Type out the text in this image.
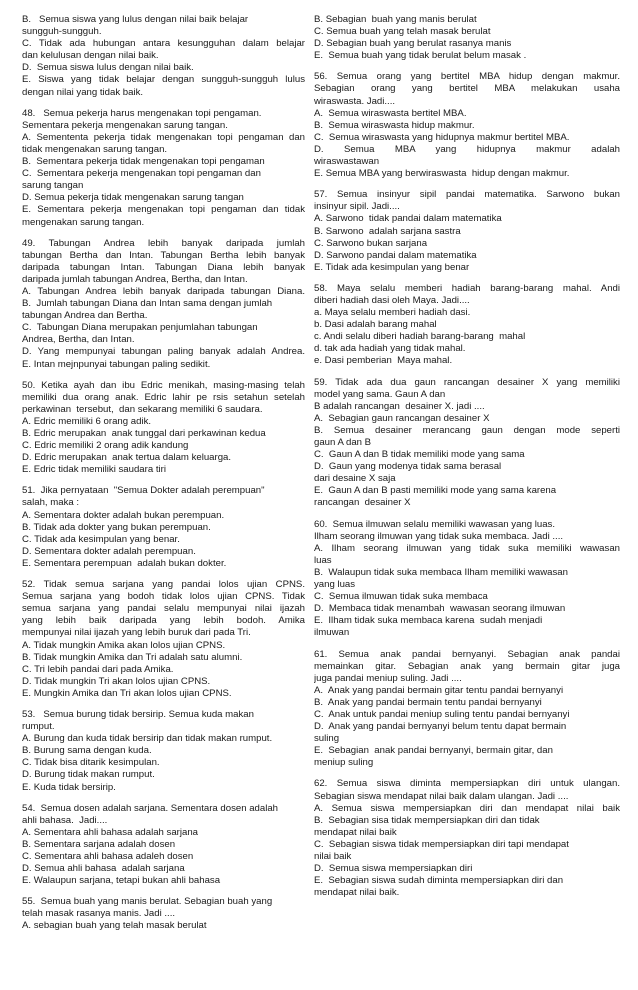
B.   Semua siswa yang lulus dengan nilai baik belajar
sungguh-sungguh.
C. Tidak ada hubungan antara kesungguhan dalam belajar
dan kelulusan dengan nilai baik.
D.  Semua siswa lulus dengan nilai baik.
E. Siswa yang tidak belajar dengan sungguh-sungguh lulus
dengan nilai yang tidak baik.
48.   Semua pekerja harus mengenakan topi pengaman.
Sementara pekerja mengenakan sarung tangan.
A. Semententa pekerja tidak mengenakan topi pengaman dan
tidak mengenakan sarung tangan.
B.  Sementara pekerja tidak mengenakan topi pengaman
C.  Sementara pekerja mengenakan topi pengaman dan
sarung tangan
D. Semua pekerja tidak mengenakan sarung tangan
E. Sementara pekerja mengenakan topi pengaman dan tidak
mengenakan sarung tangan.
49. Tabungan Andrea lebih banyak daripada jumlah
tabungan Bertha dan Intan. Tabungan Bertha lebih banyak
daripada tabungan Intan. Tabungan Diana lebih banyak
daripada jumlah tabungan Andrea, Bertha, dan Intan.
A. Tabungan Andrea lebih banyak daripada tabungan Diana.
B.  Jumlah tabungan Diana dan Intan sama dengan jumlah
tabungan Andrea dan Bertha.
C.  Tabungan Diana merupakan penjumlahan tabungan
Andrea, Bertha, dan Intan.
D. Yang mempunyai tabungan paling banyak adalah Andrea.
E. Intan mejnpunyai tabungan paling sedikit.
50. Ketika ayah dan ibu Edric menikah, masing-masing telah
memiliki dua orang anak. Edric lahir pe rsis setahun setelah
perkawinan  tersebut,  dan sekarang memiliki 6 saudara.
A. Edric memiliki 6 orang adik.
B. Edric merupakan  anak tunggal dari perkawinan kedua
C. Edric memiliki 2 orang adik kandung
D. Edric merupakan  anak tertua dalam keluarga.
E. Edric tidak memiliki saudara tiri
51.  Jika pernyataan  "Semua Dokter adalah perempuan"
salah, maka :
A. Sementara dokter adalah bukan perempuan.
B. Tidak ada dokter yang bukan perempuan.
C. Tidak ada kesimpulan yang benar.
D. Sementara dokter adalah perempuan.
E. Sementara perempuan  adalah bukan dokter.
52. Tidak semua sarjana yang pandai lolos ujian CPNS.
Semua sarjana yang bodoh tidak lolos ujian CPNS. Tidak
semua sarjana yang pandai selalu mempunyai nilai ijazah
yang lebih baik daripada yang lebih bodoh. Amika
mempunyai nilai ijazah yang lebih buruk dari pada Tri.
A. Tidak mungkin Amika akan lolos ujian CPNS.
B. Tidak mungkin Amika dan Tri adalah satu alumni.
C. Tri lebih pandai dari pada Amika.
D. Tidak mungkin Tri akan lolos ujian CPNS.
E. Mungkin Amika dan Tri akan lolos ujian CPNS.
53.   Semua burung tidak bersirip. Semua kuda makan
rumput.
A. Burung dan kuda tidak bersirip dan tidak makan rumput.
B. Burung sama dengan kuda.
C. Tidak bisa ditarik kesimpulan.
D. Burung tidak makan rumput.
E. Kuda tidak bersirip.
54.  Semua dosen adalah sarjana. Sementara dosen adalah
ahli bahasa.  Jadi....
A. Sementara ahli bahasa adalah sarjana
B. Sementara sarjana adalah dosen
C. Sementara ahli bahasa adaleh dosen
D. Semua ahli bahasa  adalah sarjana
E. Walaupun sarjana, tetapi bukan ahli bahasa
55.  Semua buah yang manis berulat. Sebagian buah yang
telah masak rasanya manis. Jadi ....
A. sebagian buah yang telah masak berulat
B. Sebagian  buah yang manis berulat
C. Semua buah yang telah masak berulat
D. Sebagian buah yang berulat rasanya manis
E.  Semua buah yang tidak berulat belum masak .
56. Semua orang yang bertitel MBA hidup dengan makmur.
Sebagian orang yang bertitel MBA melakukan usaha
wiraswasta. Jadi....
A.  Semua wiraswasta bertitel MBA.
B.  Semua wiraswasta hidup makmur.
C.  Semua wiraswasta yang hidupnya makmur bertitel MBA.
D. Semua MBA yang hidupnya makmur adalah
wiraswastawan
E. Semua MBA yang berwiraswasta  hidup dengan makmur.
57. Semua insinyur sipil pandai matematika. Sarwono bukan
insinyur sipil. Jadi....
A. Sarwono  tidak pandai dalam matematika
B. Sarwono  adalah sarjana sastra
C. Sarwono bukan sarjana
D. Sarwono pandai dalam matematika
E. Tidak ada kesimpulan yang benar
58. Maya selalu memberi hadiah barang-barang mahal. Andi
diberi hadiah dasi oleh Maya. Jadi....
a. Maya selalu memberi hadiah dasi.
b. Dasi adalah barang mahal
c. Andi selalu diberi hadiah barang-barang  mahal
d. tak ada hadiah yang tidak mahal.
e. Dasi pemberian  Maya mahal.
59. Tidak ada dua gaun rancangan desainer X yang memiliki
model yang sama. Gaun A dan
B adalah rancangan  desainer X. jadi ....
A.  Sebagian gaun rancangan desainer X
B. Semua desainer merancang gaun dengan mode seperti
gaun A dan B
C.  Gaun A dan B tidak memiliki mode yang sama
D.  Gaun yang modenya tidak sama berasal
dari desaine X saja
E.  Gaun A dan B pasti memiliki mode yang sama karena
rancangan  desainer X
60.  Semua ilmuwan selalu memiliki wawasan yang luas.
Ilham seorang ilmuwan yang tidak suka membaca. Jadi ....
A. Ilham seorang ilmuwan yang tidak suka memiliki wawasan
luas
B.  Walaupun tidak suka membaca Ilham memiliki wawasan
yang luas
C.  Semua ilmuwan tidak suka membaca
D.  Membaca tidak menambah  wawasan seorang ilmuwan
E.  Ilham tidak suka membaca karena  sudah menjadi
ilmuwan
61. Semua anak pandai bernyanyi. Sebagian anak pandai
memainkan gitar. Sebagian anak yang bermain gitar juga
juga pandai meniup suling. Jadi ....
A.  Anak yang pandai bermain gitar tentu pandai bernyanyi
B.  Anak yang pandai bermain tentu pandai bernyanyi
C.  Anak untuk pandai meniup suling tentu pandai bernyanyi
D.  Anak yang pandai bernyanyi belum tentu dapat bermain
suling
E.  Sebagian  anak pandai bernyanyi, bermain gitar, dan
meniup suling
62. Semua siswa diminta mempersiapkan diri untuk ulangan.
Sebagian siswa mendapat nilai baik dalam ulangan. Jadi ....
A. Semua siswa mempersiapkan diri dan mendapat nilai baik
B.  Sebagian sisa tidak mempersiapkan diri dan tidak
mendapat nilai baik
C.  Sebagian siswa tidak mempersiapkan diri tapi mendapat
nilai baik
D.  Semua siswa mempersiapkan diri
E.  Sebagian siswa sudah diminta mempersiapkan diri dan
mendapat nilai baik.
